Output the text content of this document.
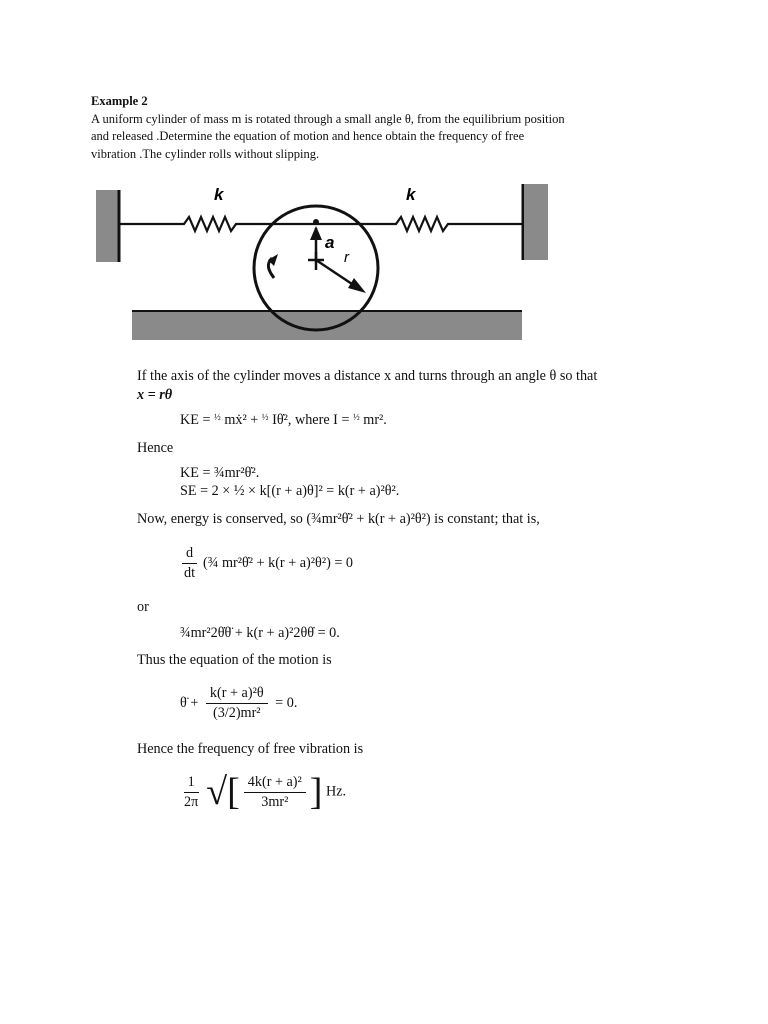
Example 2
A uniform cylinder of mass m is rotated through a small angle θ, from the equilibrium position and released .Determine the equation of motion and hence obtain the frequency of free vibration .The cylinder rolls without slipping.
k	k
a
r
If the axis of the cylinder moves a distance x and turns through an angle θ so that
x = rθ
KE = $^{\frac{1}{2}}$ mẋ² + $^{\frac{1}{2}}$ Iθ̇², where I = $^{\frac{1}{2}}$ mr².
Hence
KE = ¾mr²θ̇².
SE = 2 × ½ × k[(r + a)θ]² = k(r + a)²θ².
Now, energy is conserved, so (¾mr²θ̇² + k(r + a)²θ²) is constant; that is,
$\frac{d}{dt}$ (¾ mr²θ̇² + k(r + a)²θ²) = 0
or
¾mr²2θ̇θ̈ + k(r + a)²2θθ̇ = 0.
Thus the equation of the motion is
θ̈ + $\frac{\text{k(r + a)²θ}}{\text{(3/2)mr²}} = 0$.
Hence the frequency of free vibration is
$\frac{1}{2\pi}$ √[ $\frac{\text{4k(r + a)²}}{\text{3mr²}}$ ] Hz.
